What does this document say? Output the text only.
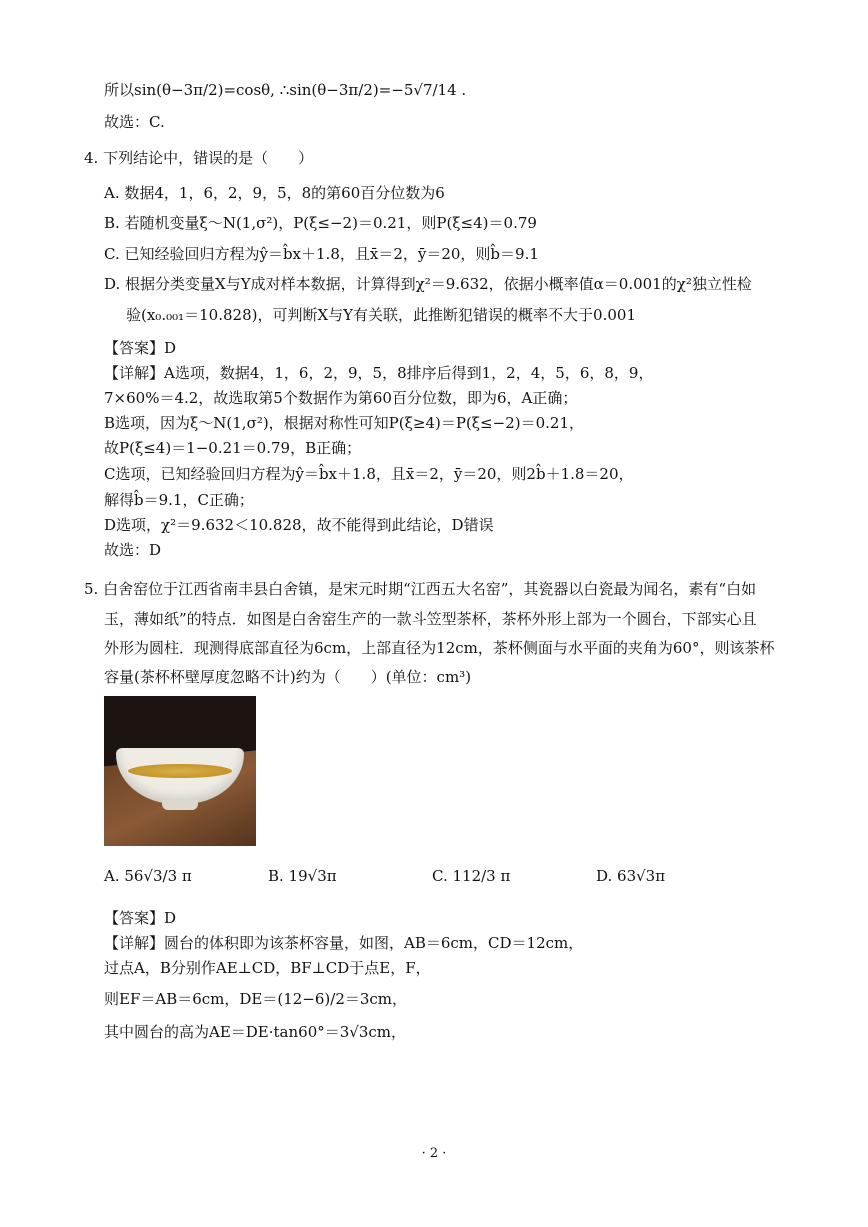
所以sin(θ−3π/2)=cosθ, ∴sin(θ−3π/2)=−5√7/14 .
故选：C.
4. 下列结论中，错误的是（　　）
A. 数据4，1，6，2，9，5，8的第60百分位数为6
B. 若随机变量ξ～N(1,σ²)，P(ξ≤−2)＝0.21，则P(ξ≤4)＝0.79
C. 已知经验回归方程为ŷ＝b̂x＋1.8，且x̄＝2，ȳ＝20，则b̂＝9.1
D. 根据分类变量X与Y成对样本数据，计算得到χ²＝9.632，依据小概率值α＝0.001的χ²独立性检
验(x₀.₀₀₁＝10.828)，可判断X与Y有关联，此推断犯错误的概率不大于0.001
【答案】D
【详解】A选项，数据4，1，6，2，9，5，8排序后得到1，2，4，5，6，8，9，
7×60%＝4.2，故选取第5个数据作为第60百分位数，即为6，A正确；
B选项，因为ξ～N(1,σ²)，根据对称性可知P(ξ≥4)＝P(ξ≤−2)＝0.21，
故P(ξ≤4)＝1−0.21＝0.79，B正确；
C选项，已知经验回归方程为ŷ＝b̂x＋1.8，且x̄＝2，ȳ＝20，则2b̂＋1.8＝20，
解得b̂＝9.1，C正确；
D选项，χ²＝9.632＜10.828，故不能得到此结论，D错误
故选：D
5. 白舍窑位于江西省南丰县白舍镇，是宋元时期“江西五大名窑”，其瓷器以白瓷最为闻名，素有“白如
玉，薄如纸”的特点．如图是白舍窑生产的一款斗笠型茶杯，茶杯外形上部为一个圆台，下部实心且
外形为圆柱．现测得底部直径为6cm，上部直径为12cm，茶杯侧面与水平面的夹角为60°，则该茶杯
容量(茶杯杯壁厚度忽略不计)约为（　　）(单位：cm³)
A. 56√3/3 π	B. 19√3π	C. 112/3 π	D. 63√3π
【答案】D
【详解】圆台的体积即为该茶杯容量，如图，AB＝6cm，CD＝12cm，
过点A，B分别作AE⊥CD，BF⊥CD于点E，F，
则EF＝AB＝6cm，DE＝(12−6)/2＝3cm，
其中圆台的高为AE＝DE·tan60°＝3√3cm，
· 2 ·
